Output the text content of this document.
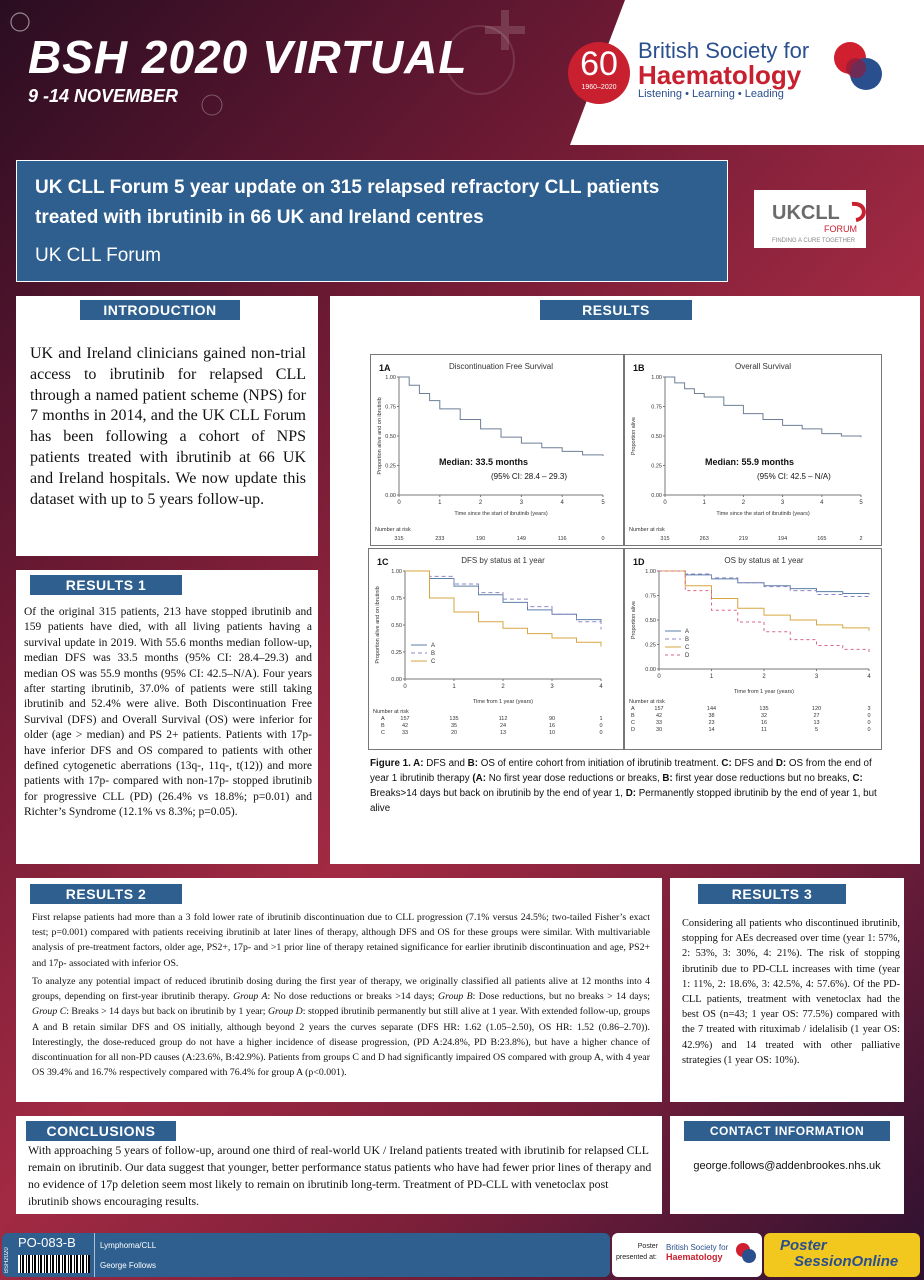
BSH 2020 VIRTUAL
9 -14 NOVEMBER
60
1960–2020
British Society for
Haematology
Listening • Learning • Leading
UK CLL Forum 5 year update on 315 relapsed refractory CLL patients treated with ibrutinib in 66 UK and Ireland centres
UK CLL Forum
UKCLL
FORUM
FINDING A CURE TOGETHER
INTRODUCTION
UK and Ireland clinicians gained non-trial access to ibrutinib for relapsed CLL through a named patient scheme (NPS) for 7 months in 2014, and the UK CLL Forum has been following a cohort of NPS patients treated with ibrutinib at 66 UK and Ireland hospitals. We now update this dataset with up to 5 years follow-up.
RESULTS 1
Of the original 315 patients, 213 have stopped ibrutinib and 159 patients have died, with all living patients having a survival update in 2019. With 55.6 months median follow-up, median DFS was 33.5 months (95% CI: 28.4–29.3) and median OS was 55.9 months (95% CI: 42.5–N/A). Four years after starting ibrutinib, 37.0% of patients were still taking ibrutinib and 52.4% were alive. Both Discontinuation Free Survival (DFS) and Overall Survival (OS) were inferior for older (age > median) and PS 2+ patients. Patients with 17p- have inferior DFS and OS compared to patients with other defined cytogenetic aberrations (13q-, 11q-, t(12)) and more patients with 17p- compared with non-17p- stopped ibrutinib for progressive CLL (PD) (26.4% vs 18.8%; p=0.01) and Richter’s Syndrome (12.1% vs 8.3%; p=0.05).
RESULTS
1A	Discontinuation Free Survival
0.00
0.25
0.50
0.75
1.00
0	1	2	3	4	5
Time since the start of ibrutinib (years)
Proportion alive and on ibrutinib	Median: 33.5 months
(95% CI: 28.4 – 29.3)
Number at risk
315	233	190	149	116	0
1B	Overall Survival
0.00
0.25
0.50
0.75
1.00
0	1	2	3	4	5
Time since the start of ibrutinib (years)
Proportion alive
Median: 55.9 months
(95% CI: 42.5 – N/A)
Number at risk
315	263	219	194	165	2
1C	DFS by status at 1 year
0.00
0.25
0.50
0.75
1.00
0	1	2	3	4
Time from 1 year (years)
Proportion alive and on ibrutinib	A
B
C
Number at risk
A	157	135	112	90	1
B	42	35	24	16	0
C	33	20	13	10	0
1D	OS by status at 1 year
0.00
0.25
0.50
0.75
1.00
0	1	2	3	4
Time from 1 year (years)
Proportion alive	A
B
C
D
Number at risk
A	157	144	135	120	3
B	42	38	32	27	0
C	33	23	16	13	0
D	30	14	11	5	0
Figure 1. A: DFS and B: OS of entire cohort from initiation of ibrutinib treatment. C: DFS and D: OS from the end of year 1 ibrutinib therapy (A: No first year dose reductions or breaks, B: first year dose reductions but no breaks, C: Breaks>14 days but back on ibrutinib by the end of year 1, D: Permanently stopped ibrutinib by the end of year 1, but alive
RESULTS 2
First relapse patients had more than a 3 fold lower rate of ibrutinib discontinuation due to CLL progression (7.1% versus 24.5%; two-tailed Fisher’s exact test; p=0.001) compared with patients receiving ibrutinib at later lines of therapy, although DFS and OS for these groups were similar. With multivariable analysis of pre-treatment factors, older age, PS2+, 17p- and >1 prior line of therapy retained significance for earlier ibrutinib discontinuation and age, PS2+ and 17p- associated with inferior OS.
To analyze any potential impact of reduced ibrutinib dosing during the first year of therapy, we originally classified all patients alive at 12 months into 4 groups, depending on first-year ibrutinib therapy. Group A: No dose reductions or breaks >14 days; Group B: Dose reductions, but no breaks > 14 days; Group C: Breaks > 14 days but back on ibrutinib by 1 year; Group D: stopped ibrutinib permanently but still alive at 1 year. With extended follow-up, groups A and B retain similar DFS and OS initially, although beyond 2 years the curves separate (DFS HR: 1.62 (1.05–2.50), OS HR: 1.52 (0.86–2.70)). Interestingly, the dose-reduced group do not have a higher incidence of disease progression, (PD A:24.8%, PD B:23.8%), but have a higher chance of discontinuation for all non-PD causes (A:23.6%, B:42.9%). Patients from groups C and D had significantly impaired OS compared with group A, with 4 year OS 39.4% and 16.7% respectively compared with 76.4% for group A (p<0.001).
RESULTS 3
Considering all patients who discontinued ibrutinib, stopping for AEs decreased over time (year 1: 57%, 2: 53%, 3: 30%, 4: 21%). The risk of stopping ibrutinib due to PD-CLL increases with time (year 1: 11%, 2: 18.6%, 3: 42.5%, 4: 57.6%). Of the PD-CLL patients, treatment with venetoclax had the best OS (n=43; 1 year OS: 77.5%) compared with the 7 treated with rituximab / idelalisib (1 year OS: 42.9%) and 14 treated with other palliative strategies (1 year OS: 10%).
CONCLUSIONS
With approaching 5 years of follow-up, around one third of real-world UK / Ireland patients treated with ibrutinib for relapsed CLL remain on ibrutinib. Our data suggest that younger, better performance status patients who have had fewer prior lines of therapy and no evidence of 17p deletion seem most likely to remain on ibrutinib long-term. Treatment of PD-CLL with venetoclax post ibrutinib shows encouraging results.
CONTACT INFORMATION
george.follows@addenbrookes.nhs.uk
BSH2020
PO-083-B	Lymphoma/CLL
George Follows
Poster
presented at:
British Society for
Haematology
Poster
SessionOnline
